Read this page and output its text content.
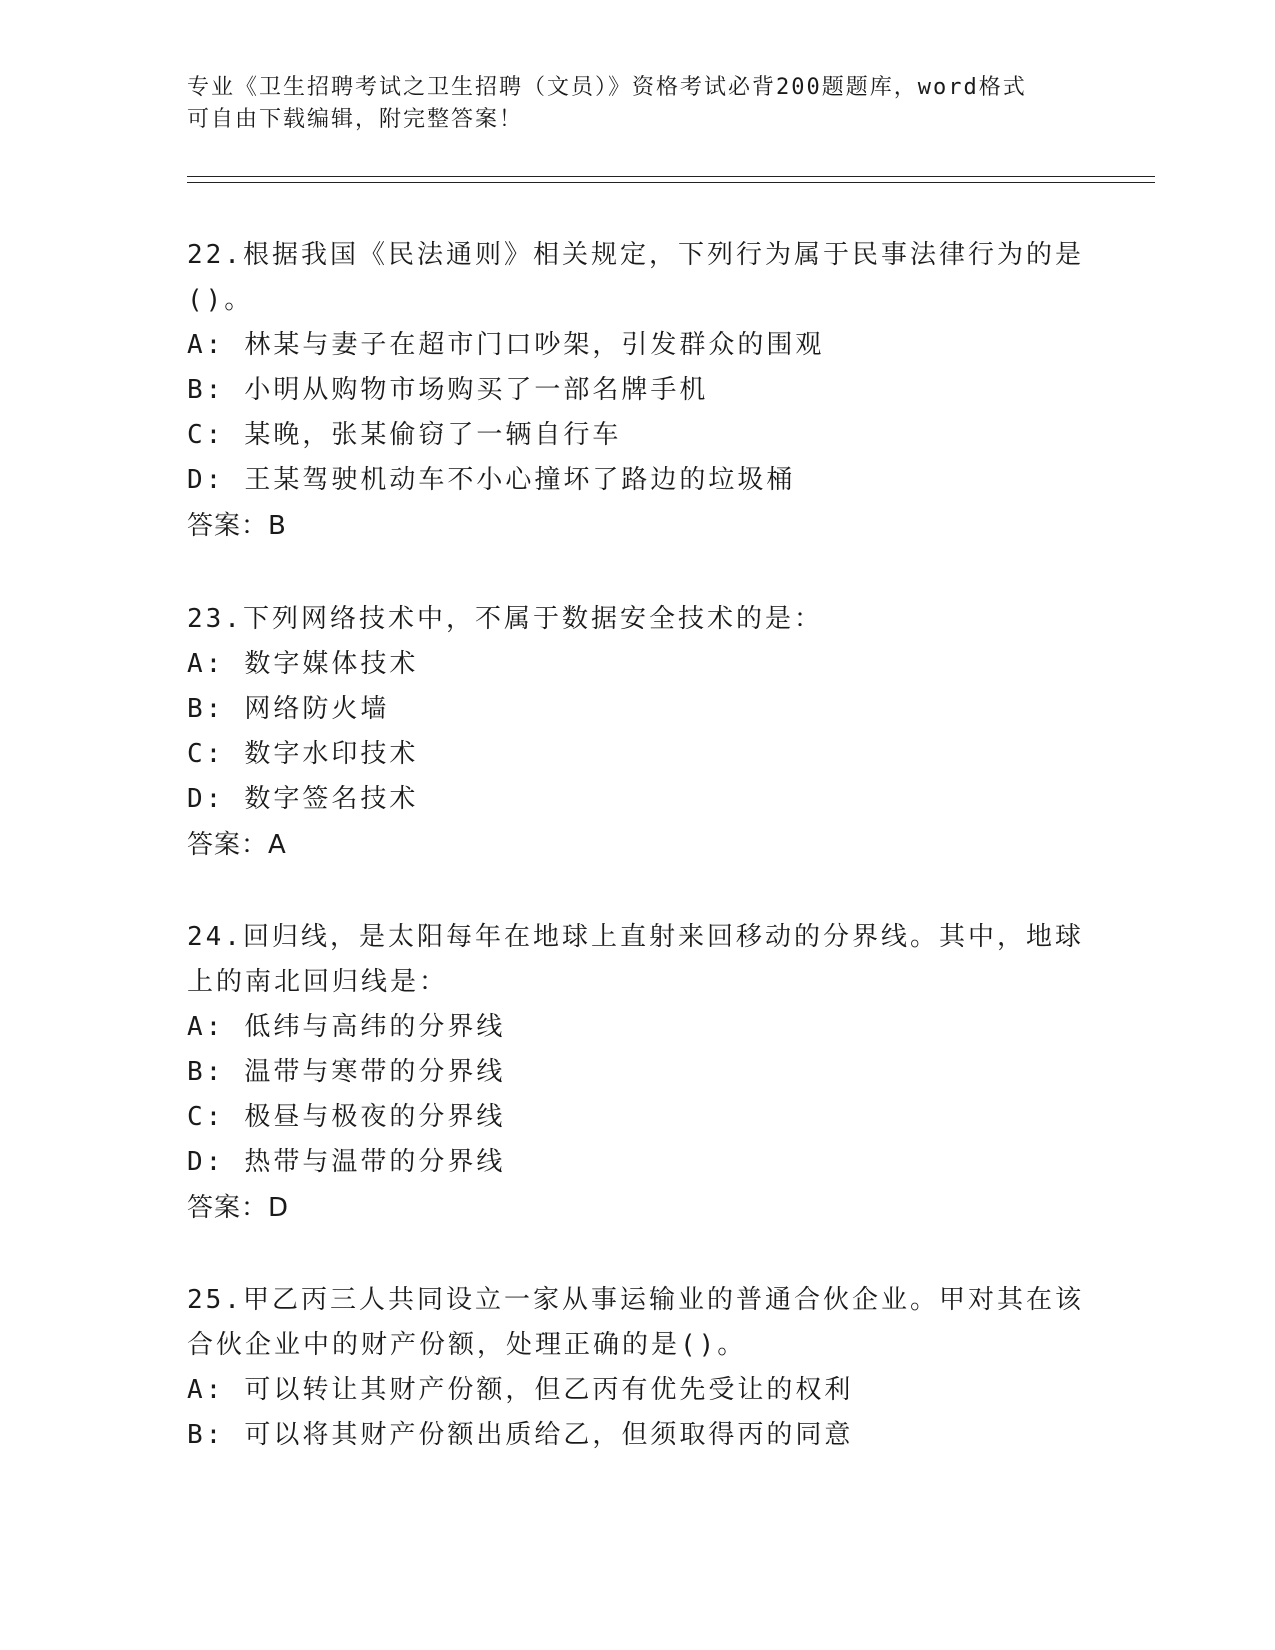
专业《卫生招聘考试之卫生招聘（文员）》资格考试必背200题题库，word格式

可自由下载编辑，附完整答案！

22.根据我国《民法通则》相关规定，下列行为属于民事法律行为的是

()。

A: 林某与妻子在超市门口吵架，引发群众的围观

B: 小明从购物市场购买了一部名牌手机

C: 某晚，张某偷窃了一辆自行车

D: 王某驾驶机动车不小心撞坏了路边的垃圾桶

答案：B

23.下列网络技术中，不属于数据安全技术的是：

A: 数字媒体技术

B: 网络防火墙

C: 数字水印技术

D: 数字签名技术

答案：A

24.回归线，是太阳每年在地球上直射来回移动的分界线。其中，地球

上的南北回归线是：

A: 低纬与高纬的分界线

B: 温带与寒带的分界线

C: 极昼与极夜的分界线

D: 热带与温带的分界线

答案：D

25.甲乙丙三人共同设立一家从事运输业的普通合伙企业。甲对其在该

合伙企业中的财产份额，处理正确的是()。

A: 可以转让其财产份额，但乙丙有优先受让的权利

B: 可以将其财产份额出质给乙，但须取得丙的同意
